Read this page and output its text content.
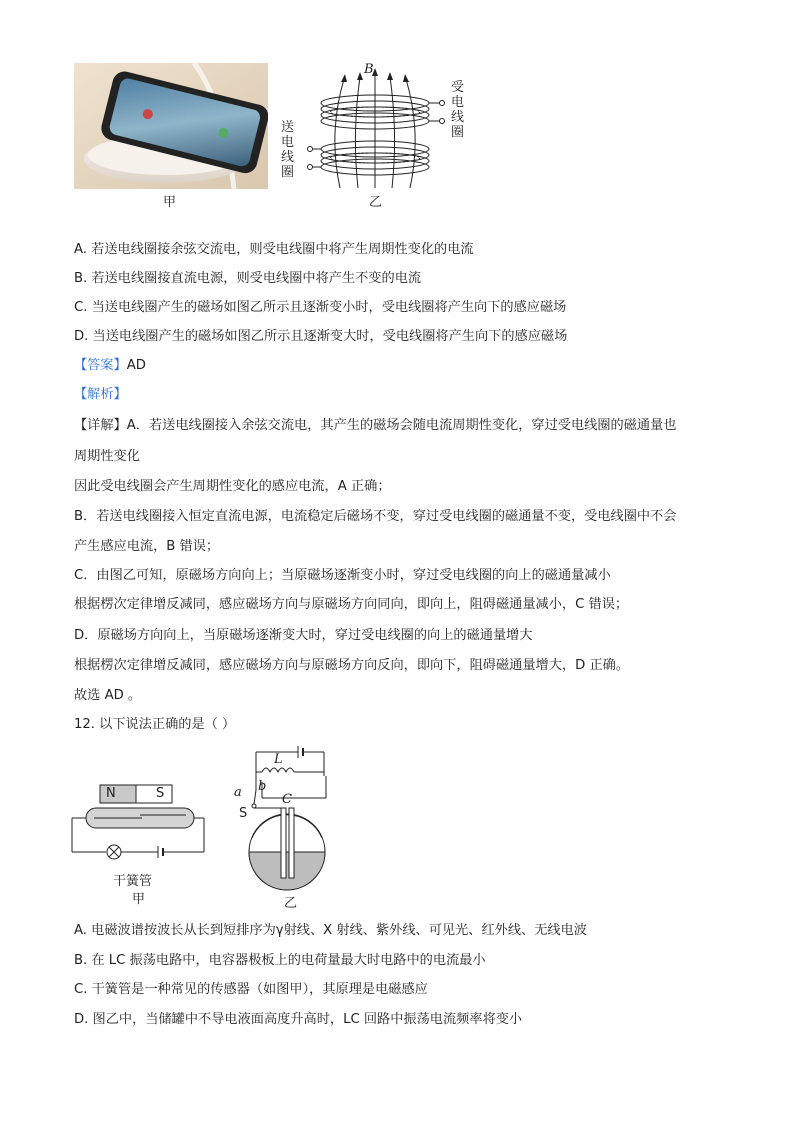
甲
B
送电线圈
受电线圈
乙
A. 若送电线圈接余弦交流电，则受电线圈中将产生周期性变化的电流
B. 若送电线圈接直流电源，则受电线圈中将产生不变的电流
C. 当送电线圈产生的磁场如图乙所示且逐渐变小时，受电线圈将产生向下的感应磁场
D. 当送电线圈产生的磁场如图乙所示且逐渐变大时，受电线圈将产生向下的感应磁场
【答案】AD
【解析】
【详解】A．若送电线圈接入余弦交流电，其产生的磁场会随电流周期性变化，穿过受电线圈的磁通量也
周期性变化
因此受电线圈会产生周期性变化的感应电流，A 正确；
B．若送电线圈接入恒定直流电源，电流稳定后磁场不变，穿过受电线圈的磁通量不变，受电线圈中不会
产生感应电流，B 错误；
C．由图乙可知，原磁场方向向上；当原磁场逐渐变小时，穿过受电线圈的向上的磁通量减小
根据楞次定律增反减同，感应磁场方向与原磁场方向同向，即向上，阻碍磁通量减小，C 错误；
D．原磁场方向向上，当原磁场逐渐变大时，穿过受电线圈的向上的磁通量增大
根据楞次定律增反减同，感应磁场方向与原磁场方向反向，即向下，阻碍磁通量增大，D 正确。
故选 AD 。
12. 以下说法正确的是（ ）
N	S
干簧管
甲
L
C
a b
S
乙
A. 电磁波谱按波长从长到短排序为γ射线、X 射线、紫外线、可见光、红外线、无线电波
B. 在 LC 振荡电路中，电容器极板上的电荷量最大时电路中的电流最小
C. 干簧管是一种常见的传感器（如图甲），其原理是电磁感应
D. 图乙中，当储罐中不导电液面高度升高时，LC 回路中振荡电流频率将变小
